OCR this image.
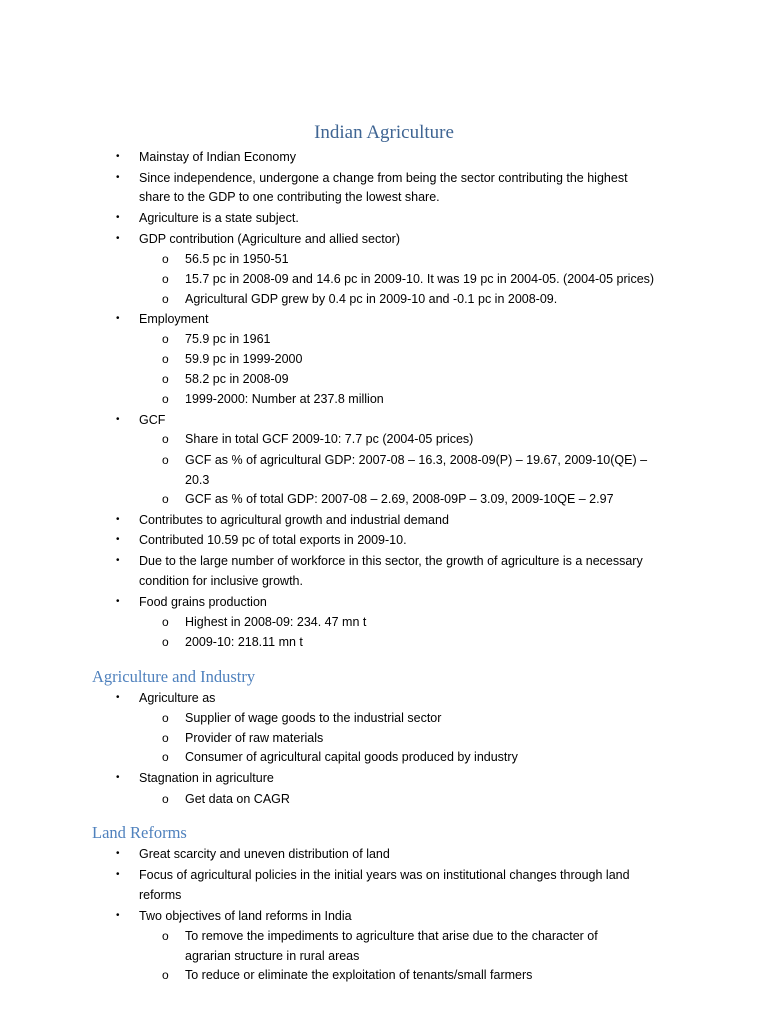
Indian Agriculture
• Mainstay of Indian Economy
• Since independence, undergone a change from being the sector contributing the highest
share to the GDP to one contributing the lowest share.
• Agriculture is a state subject.
• GDP contribution (Agriculture and allied sector)
o 56.5 pc in 1950-51
o 15.7 pc in 2008-09 and 14.6 pc in 2009-10. It was 19 pc in 2004-05. (2004-05 prices)
o Agricultural GDP grew by 0.4 pc in 2009-10 and -0.1 pc in 2008-09.
• Employment
o 75.9 pc in 1961
o 59.9 pc in 1999-2000
o 58.2 pc in 2008-09
o 1999-2000: Number at 237.8 million
• GCF
o Share in total GCF 2009-10: 7.7 pc (2004-05 prices)
o GCF as % of agricultural GDP: 2007-08 – 16.3, 2008-09(P) – 19.67, 2009-10(QE) –
20.3
o GCF as % of total GDP: 2007-08 – 2.69, 2008-09P – 3.09, 2009-10QE – 2.97
• Contributes to agricultural growth and industrial demand
• Contributed 10.59 pc of total exports in 2009-10.
• Due to the large number of workforce in this sector, the growth of agriculture is a necessary
condition for inclusive growth.
• Food grains production
o Highest in 2008-09: 234. 47 mn t
o 2009-10: 218.11 mn t
Agriculture and Industry
• Agriculture as
o Supplier of wage goods to the industrial sector
o Provider of raw materials
o Consumer of agricultural capital goods produced by industry
• Stagnation in agriculture
o Get data on CAGR
Land Reforms
• Great scarcity and uneven distribution of land
• Focus of agricultural policies in the initial years was on institutional changes through land
reforms
• Two objectives of land reforms in India
o To remove the impediments to agriculture that arise due to the character of
agrarian structure in rural areas
o To reduce or eliminate the exploitation of tenants/small farmers
